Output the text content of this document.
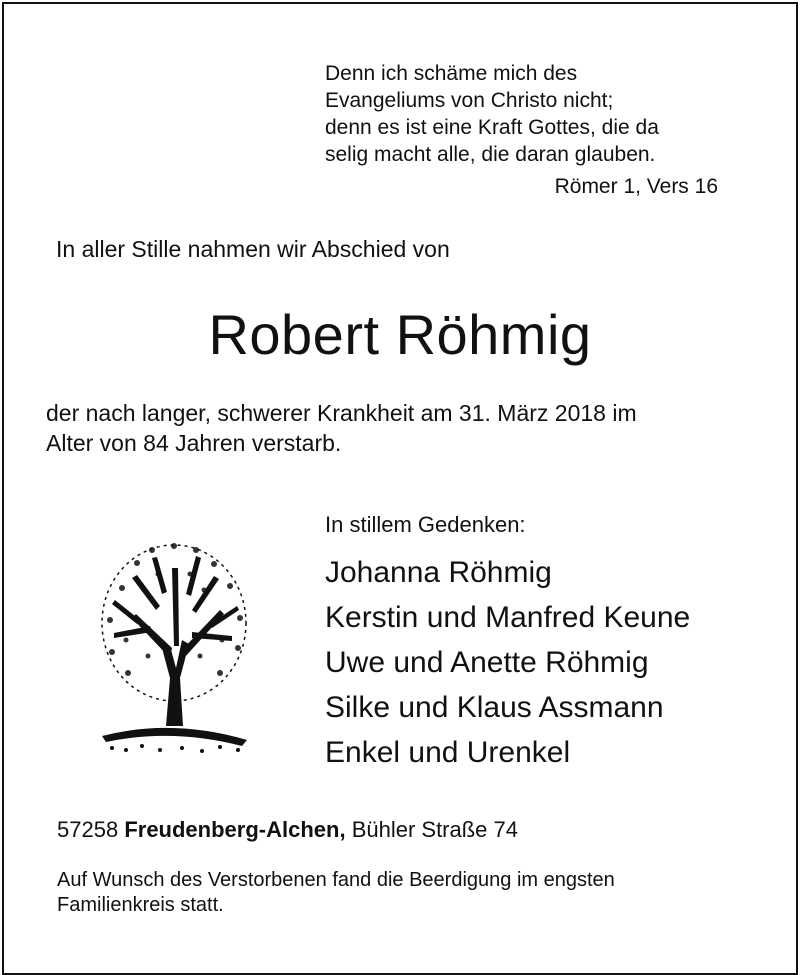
Denn ich schäme mich des
Evangeliums von Christo nicht;
denn es ist eine Kraft Gottes, die da
selig macht alle, die daran glauben.
Römer 1, Vers 16
In aller Stille nahmen wir Abschied von
Robert Röhmig
der nach langer, schwerer Krankheit am 31. März 2018 im
Alter von 84 Jahren verstarb.
In stillem Gedenken:
Johanna Röhmig
Kerstin und Manfred Keune
Uwe und Anette Röhmig
Silke und Klaus Assmann
Enkel und Urenkel
57258 Freudenberg-Alchen, Bühler Straße 74
Auf Wunsch des Verstorbenen fand die Beerdigung im engsten
Familienkreis statt.
